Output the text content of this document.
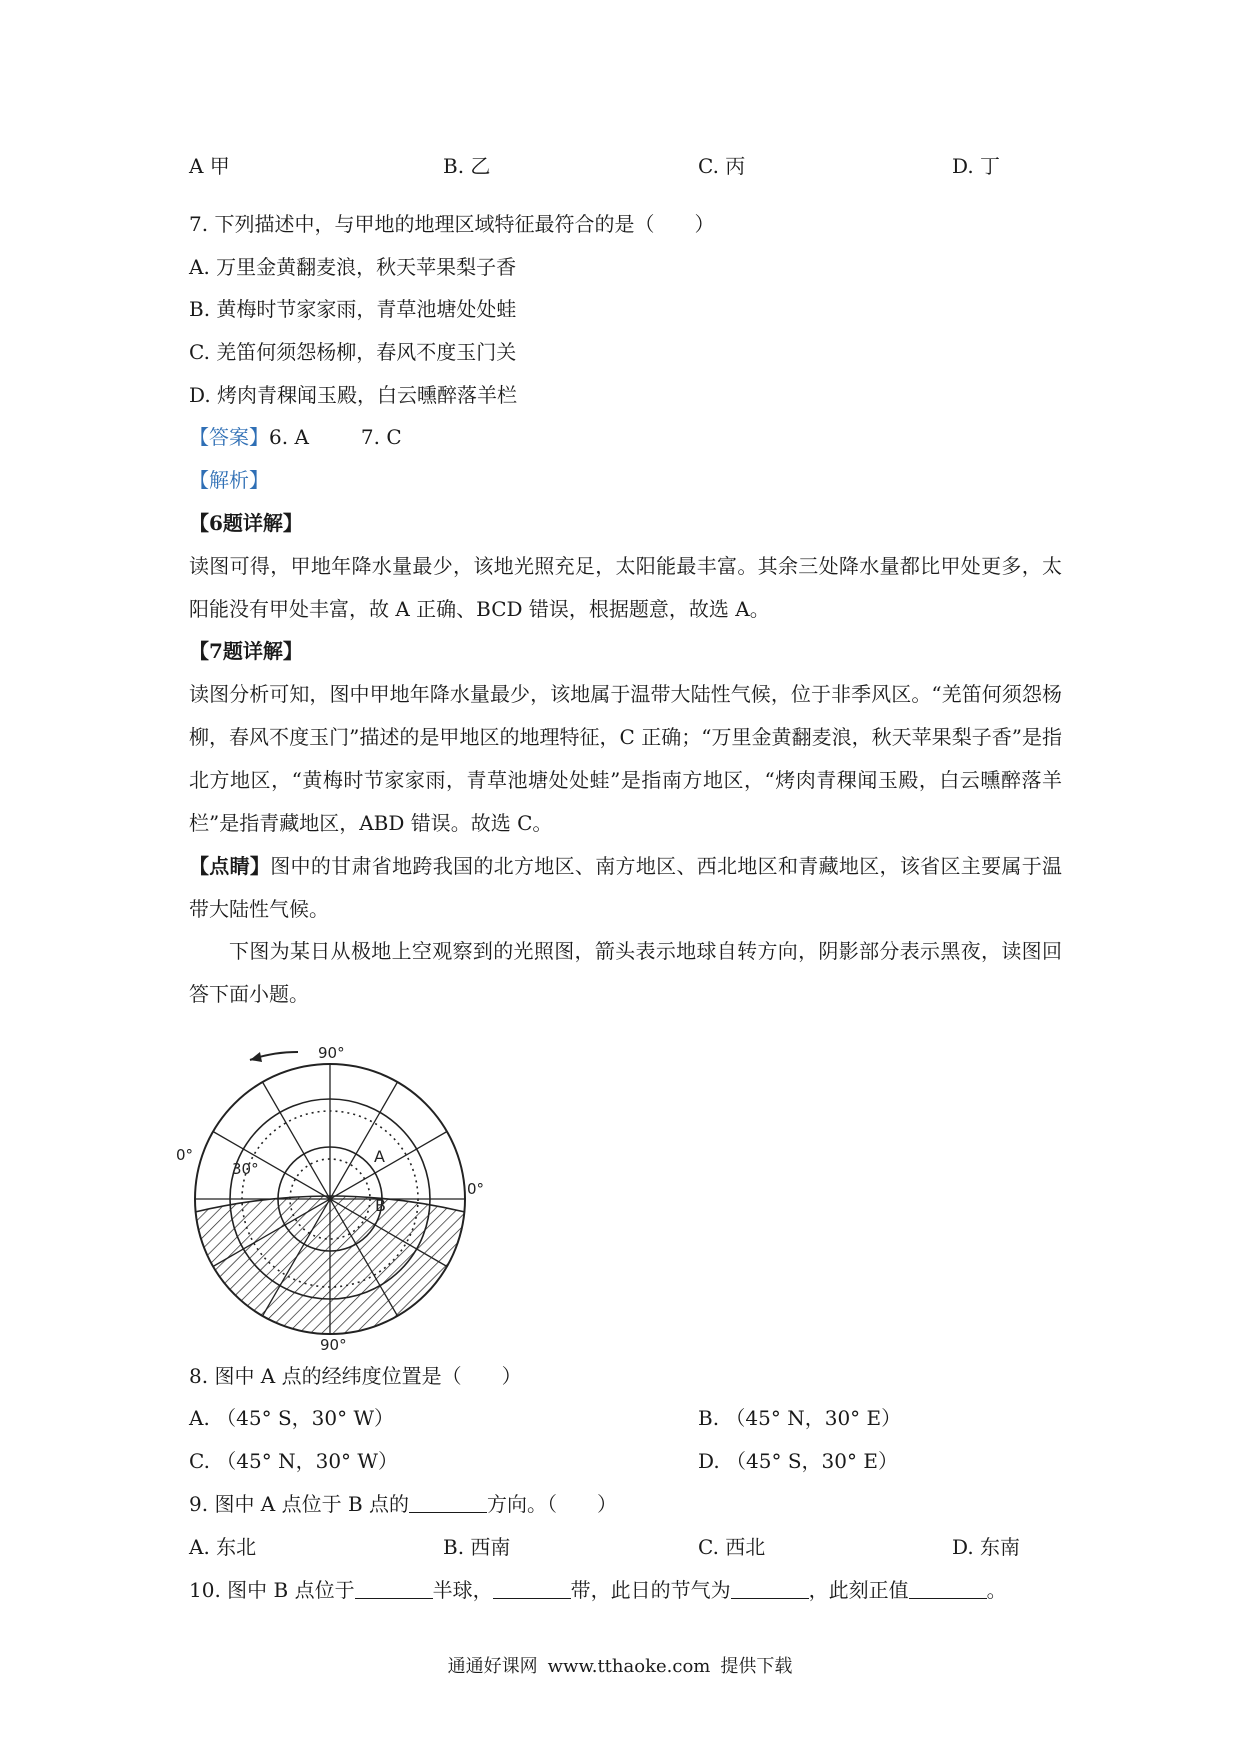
A 甲	B. 乙	C. 丙	D. 丁
7. 下列描述中，与甲地的地理区域特征最符合的是（　　）
A. 万里金黄翻麦浪，秋天苹果梨子香
B. 黄梅时节家家雨，青草池塘处处蛙
C. 羌笛何须怨杨柳，春风不度玉门关
D. 烤肉青稞闻玉殿，白云曛醉落羊栏
【答案】6. A	7. C
【解析】
【6题详解】
读图可得，甲地年降水量最少，该地光照充足，太阳能最丰富。其余三处降水量都比甲处更多，太阳能没有甲处丰富，故 A 正确、BCD 错误，根据题意，故选 A。
【7题详解】
读图分析可知，图中甲地年降水量最少，该地属于温带大陆性气候，位于非季风区。“羌笛何须怨杨柳，春风不度玉门”描述的是甲地区的地理特征，C 正确；“万里金黄翻麦浪，秋天苹果梨子香”是指北方地区，“黄梅时节家家雨，青草池塘处处蛙”是指南方地区，“烤肉青稞闻玉殿，白云曛醉落羊栏”是指青藏地区，ABD 错误。故选 C。
【点睛】图中的甘肃省地跨我国的北方地区、南方地区、西北地区和青藏地区，该省区主要属于温带大陆性气候。
下图为某日从极地上空观察到的光照图，箭头表示地球自转方向，阴影部分表示黑夜，读图回答下面小题。
90°
90°
0°
0°
30°
A
B
8. 图中 A 点的经纬度位置是（　　）
A. （45° S，30° W）	B. （45° N，30° E）
C. （45° N，30° W）	D. （45° S，30° E）
9. 图中 A 点位于 B 点的	方向。（　　）
A. 东北	B. 西南	C. 西北	D. 东南
10. 图中 B 点位于	半球，	带，此日的节气为	，此刻正值	。
通通好课网 www.tthaoke.com 提供下载
